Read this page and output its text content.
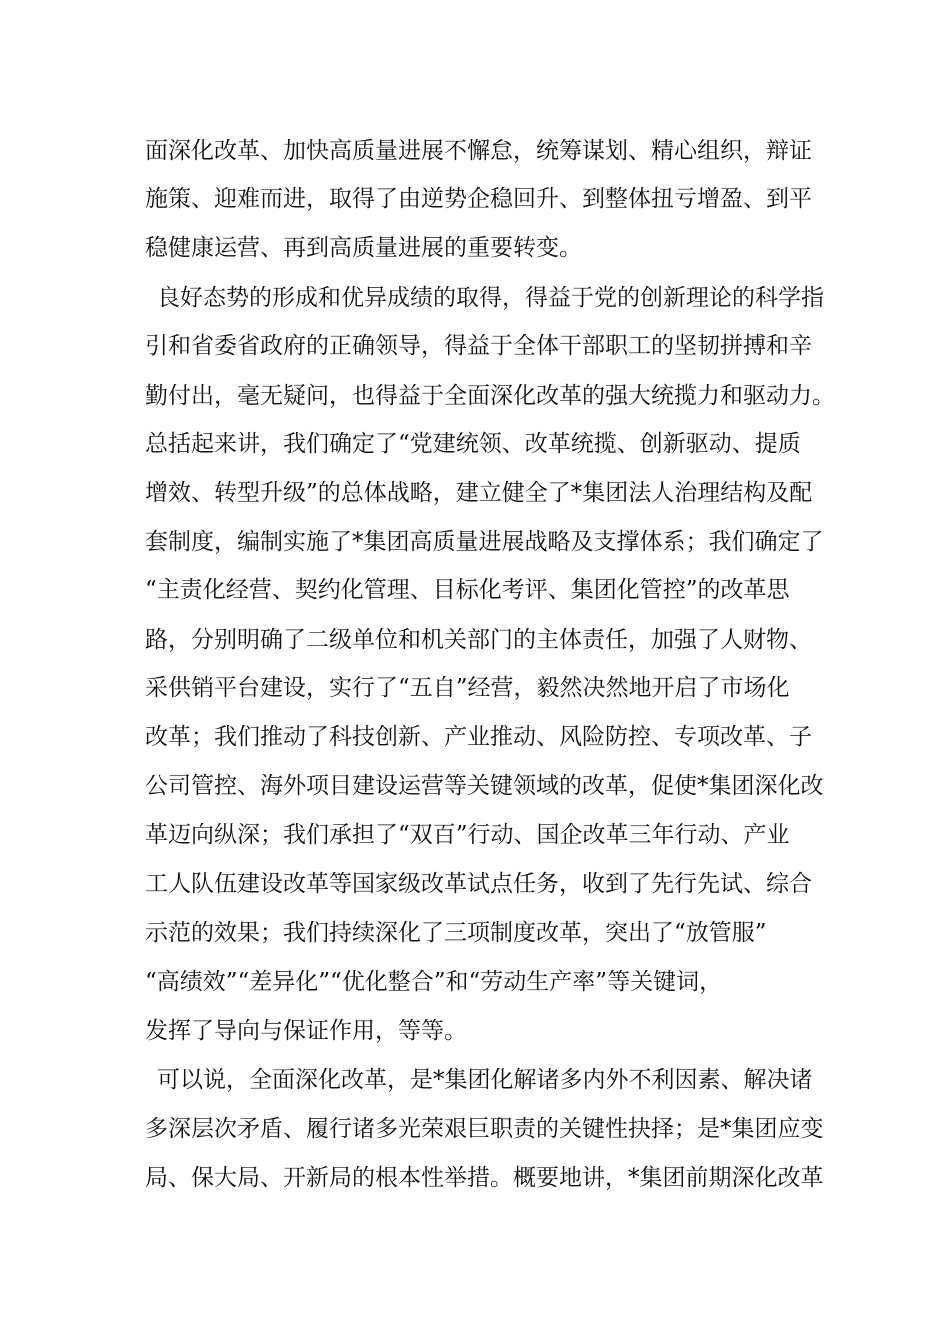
面深化改革、加快高质量进展不懈怠，统筹谋划、精心组织，辩证

施策、迎难而进，取得了由逆势企稳回升、到整体扭亏增盈、到平

稳健康运营、再到高质量进展的重要转变。

良好态势的形成和优异成绩的取得，得益于党的创新理论的科学指

引和省委省政府的正确领导，得益于全体干部职工的坚韧拼搏和辛

勤付出，毫无疑问，也得益于全面深化改革的强大统揽力和驱动力。

总括起来讲，我们确定了“党建统领、改革统揽、创新驱动、提质

增效、转型升级”的总体战略，建立健全了*集团法人治理结构及配

套制度，编制实施了*集团高质量进展战略及支撑体系；我们确定了

“主责化经营、契约化管理、目标化考评、集团化管控”的改革思

路，分别明确了二级单位和机关部门的主体责任，加强了人财物、

采供销平台建设，实行了“五自”经营，毅然决然地开启了市场化

改革；我们推动了科技创新、产业推动、风险防控、专项改革、子

公司管控、海外项目建设运营等关键领域的改革，促使*集团深化改

革迈向纵深；我们承担了“双百”行动、国企改革三年行动、产业

工人队伍建设改革等国家级改革试点任务，收到了先行先试、综合

示范的效果；我们持续深化了三项制度改革，突出了“放管服”

“高绩效”“差异化”“优化整合”和“劳动生产率”等关键词，

发挥了导向与保证作用，等等。

可以说，全面深化改革，是*集团化解诸多内外不利因素、解决诸

多深层次矛盾、履行诸多光荣艰巨职责的关键性抉择；是*集团应变

局、保大局、开新局的根本性举措。概要地讲，*集团前期深化改革
